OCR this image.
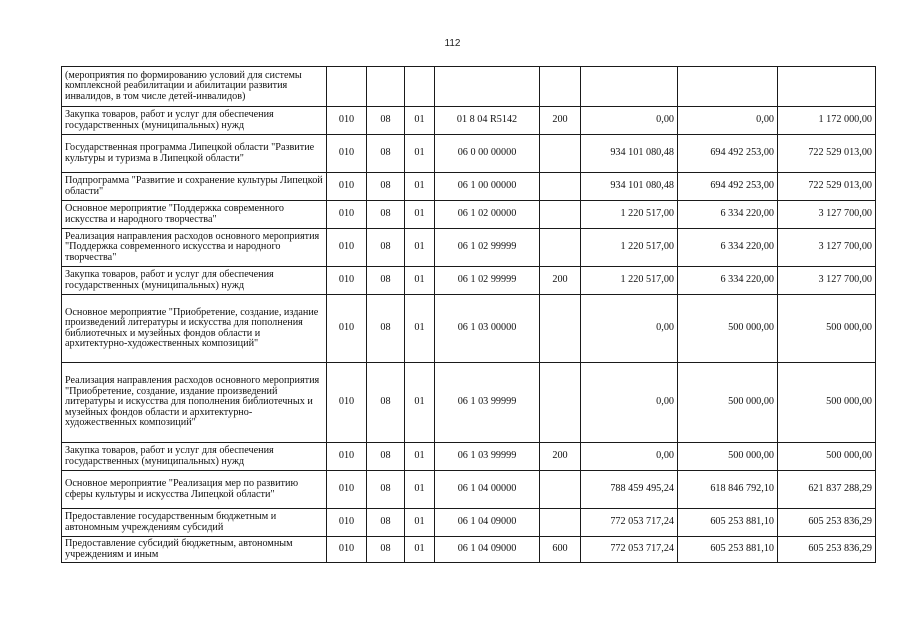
112
(мероприятия по формированию условий для системы комплексной реабилитации и абилитации развития инвалидов, в том числе детей-инвалидов)								
Закупка товаров, работ и услуг для обеспечения государственных (муниципальных) нужд	010	08	01	01 8 04 R5142	200	0,00	0,00	1 172 000,00
Государственная программа Липецкой области "Развитие культуры и туризма в Липецкой области"	010	08	01	06 0 00 00000		934 101 080,48	694 492 253,00	722 529 013,00
Подпрограмма "Развитие и сохранение культуры Липецкой области"	010	08	01	06 1 00 00000		934 101 080,48	694 492 253,00	722 529 013,00
Основное мероприятие "Поддержка современного искусства и народного творчества"	010	08	01	06 1 02 00000		1 220 517,00	6 334 220,00	3 127 700,00
Реализация направления расходов основного мероприятия "Поддержка современного искусства и народного творчества"	010	08	01	06 1 02 99999		1 220 517,00	6 334 220,00	3 127 700,00
Закупка товаров, работ и услуг для обеспечения государственных (муниципальных) нужд	010	08	01	06 1 02 99999	200	1 220 517,00	6 334 220,00	3 127 700,00
Основное мероприятие "Приобретение, создание, издание произведений литературы и искусства для пополнения библиотечных и музейных фондов области и архитектурно-художественных композиций"	010	08	01	06 1 03 00000		0,00	500 000,00	500 000,00
Реализация направления расходов основного мероприятия "Приобретение, создание, издание произведений литературы и искусства для пополнения библиотечных и музейных фондов области и архитектурно-художественных композиций"	010	08	01	06 1 03 99999		0,00	500 000,00	500 000,00
Закупка товаров, работ и услуг для обеспечения государственных (муниципальных) нужд	010	08	01	06 1 03 99999	200	0,00	500 000,00	500 000,00
Основное мероприятие "Реализация мер по развитию сферы культуры и искусства Липецкой области"	010	08	01	06 1 04 00000		788 459 495,24	618 846 792,10	621 837 288,29
Предоставление государственным бюджетным и автономным учреждениям субсидий	010	08	01	06 1 04 09000		772 053 717,24	605 253 881,10	605 253 836,29
Предоставление субсидий бюджетным, автономным учреждениям и иным	010	08	01	06 1 04 09000	600	772 053 717,24	605 253 881,10	605 253 836,29
